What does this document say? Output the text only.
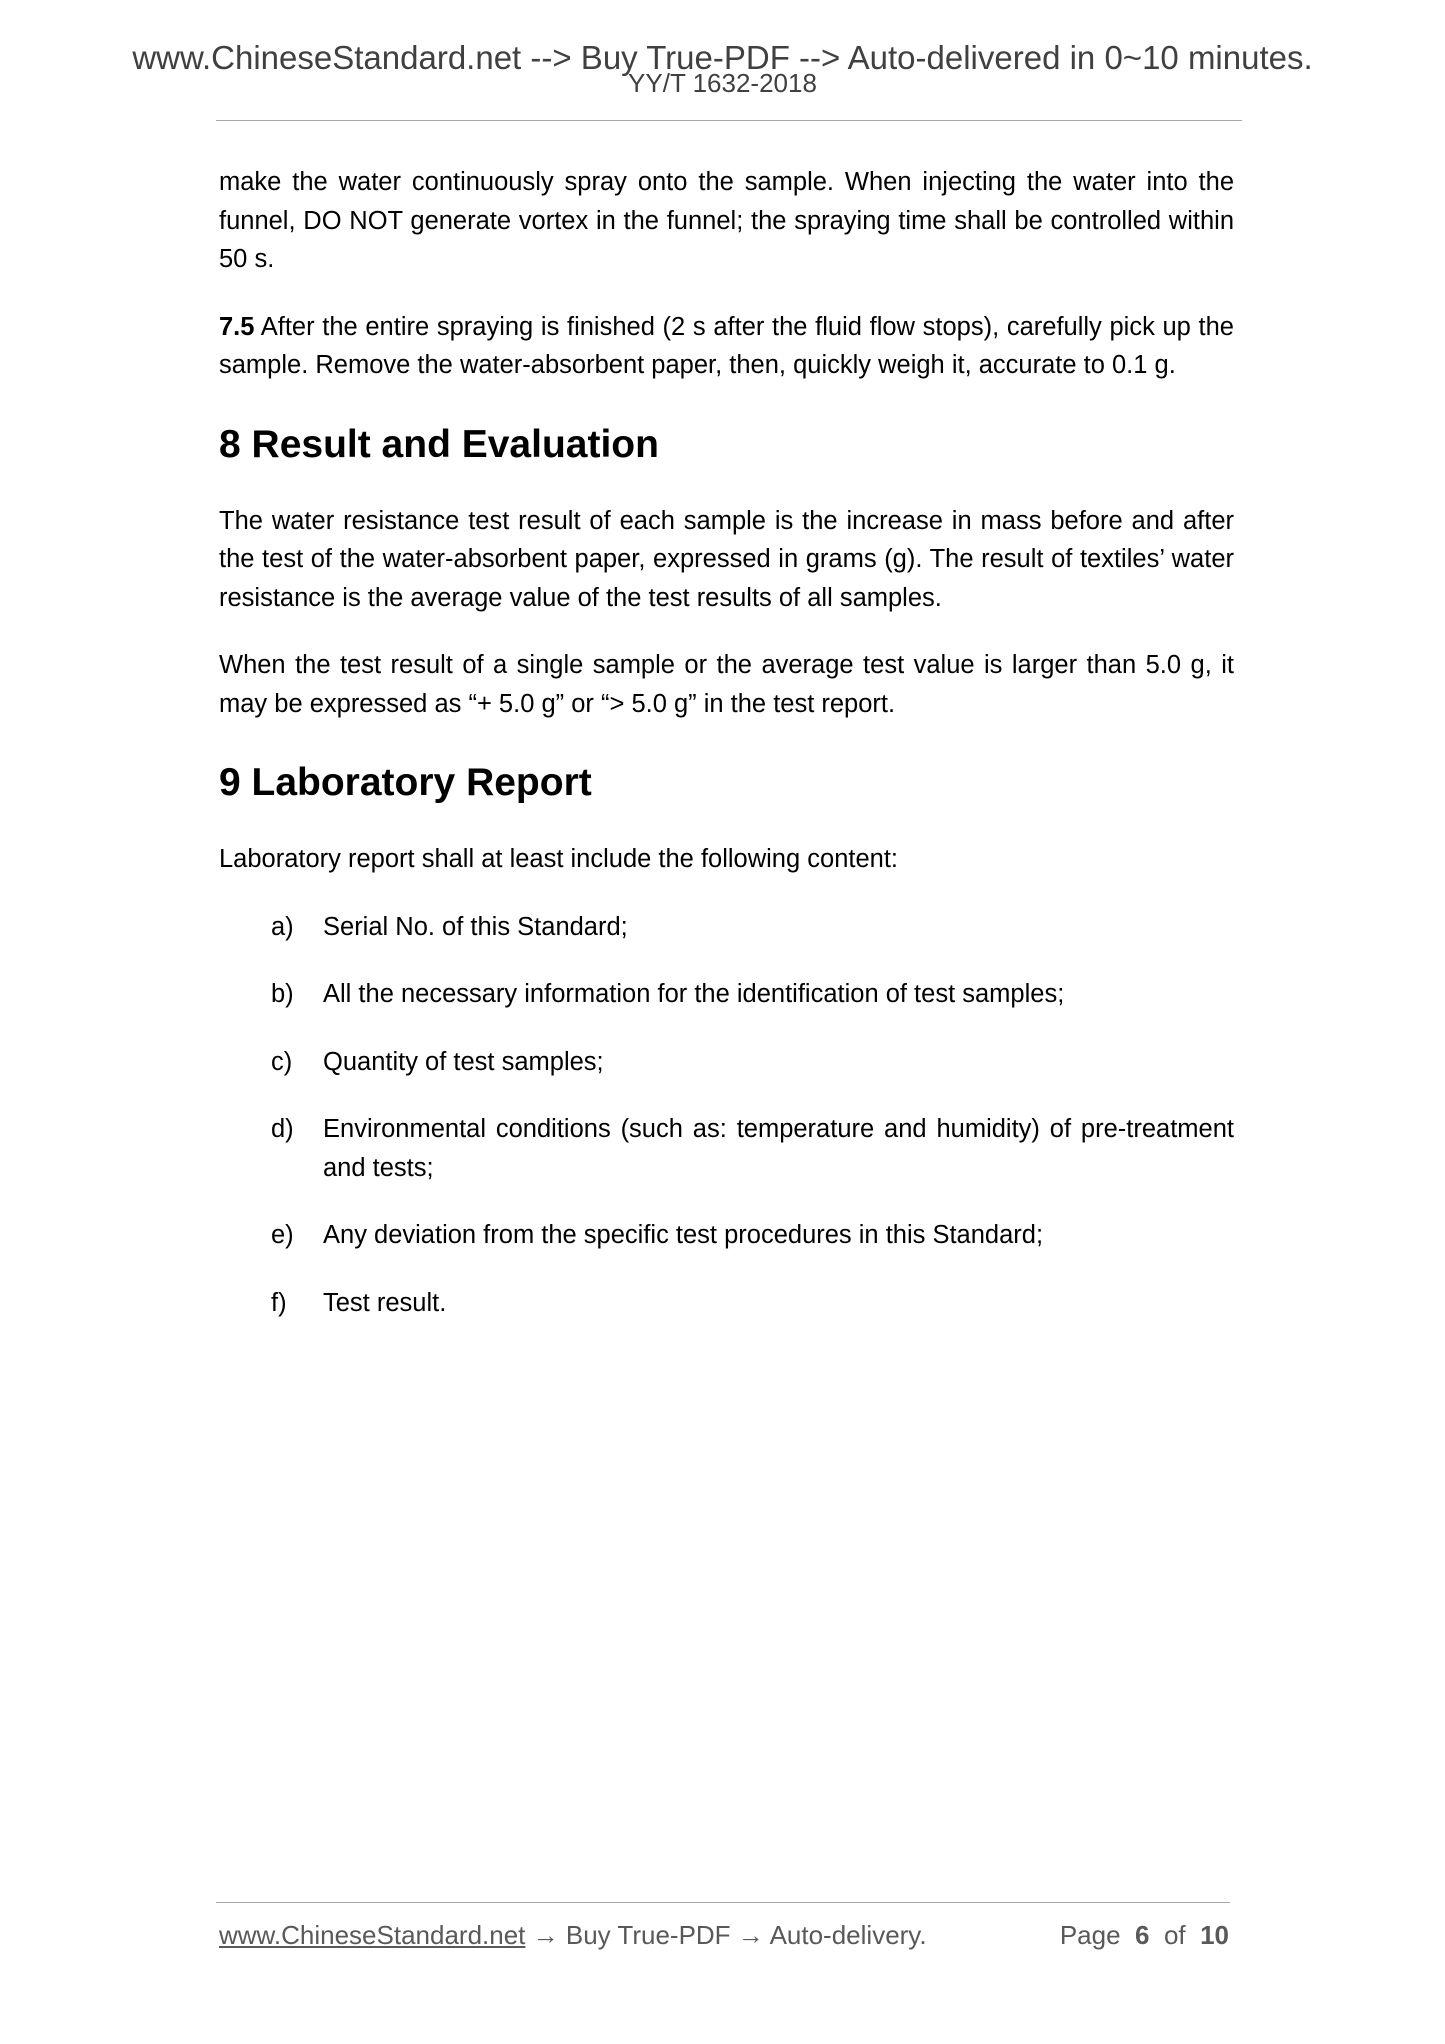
www.ChineseStandard.net --> Buy True-PDF --> Auto-delivered in 0~10 minutes.
YY/T 1632-2018

make the water continuously spray onto the sample. When injecting the water into the funnel, DO NOT generate vortex in the funnel; the spraying time shall be controlled within 50 s.

7.5 After the entire spraying is finished (2 s after the fluid flow stops), carefully pick up the sample. Remove the water-absorbent paper, then, quickly weigh it, accurate to 0.1 g.

8 Result and Evaluation

The water resistance test result of each sample is the increase in mass before and after the test of the water-absorbent paper, expressed in grams (g). The result of textiles’ water resistance is the average value of the test results of all samples.

When the test result of a single sample or the average test value is larger than 5.0 g, it may be expressed as “+ 5.0 g” or “> 5.0 g” in the test report.

9 Laboratory Report

Laboratory report shall at least include the following content:

a) Serial No. of this Standard;
b) All the necessary information for the identification of test samples;
c) Quantity of test samples;
d) Environmental conditions (such as: temperature and humidity) of pre-treatment and tests;
e) Any deviation from the specific test procedures in this Standard;
f) Test result.
www.ChineseStandard.net → Buy True-PDF → Auto-delivery.	Page 6 of 10
